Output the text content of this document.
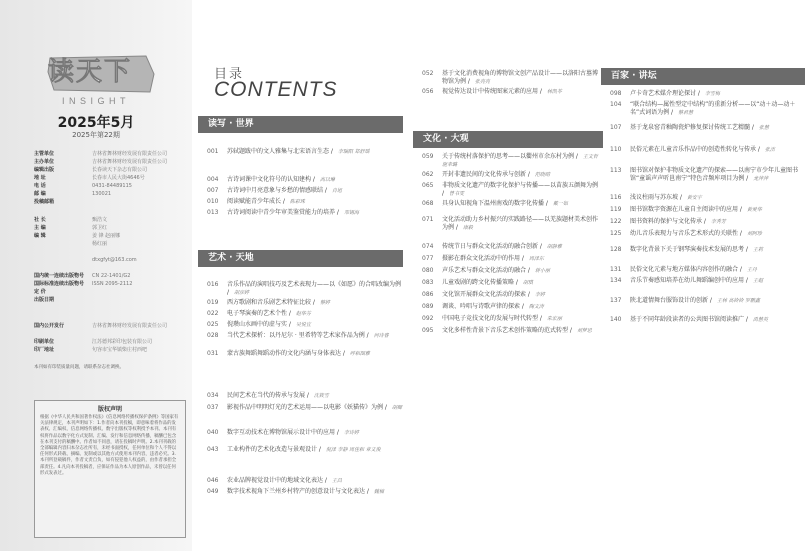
读天下
INSIGHT
2025年5月
2025年第22期
主管单位	吉林省舞林财经发展有限责任公司
主办单位	吉林省舞林财经发展有限责任公司
编辑出版	长春读天下杂志有限公司
地 址	长春市人民大街4646号
电 话	0431-84489115
邮 编	130021
投稿邮箱
社 长	甄浩文
主 编	郭卫红
编 辑	姜 锋 赵丽娜
杨红丽
dtxgfyt@163.com
国内统一连续出版物号 CN 22-1401/G2
国际标准连续出版物号 ISSN 2095-2112
定 价
出版日期
国内公开发行	吉林省舞林财经发展有限责任公司
印刷单位	江苏德邦彩印包装有限公司
印厂地址	句容市宝华镇柴庄村西吧
本刊如有印装质量问题，请联系杂志社调换。
版权声明
根据《中华人民共和国著作权法》《信息网络传播权保护条例》等国家有关法律规定，本刊声明如下：1.作者向本刊投稿，即意味着将作品的发表权、汇编权、信息网络传播权、数字出版权等权利授予本刊。本刊有权将作品以数字化方式复制、汇编、发行和信息网络传播，稿酬已包含在本刊支付的稿酬中。作者如不同意，请在投稿时声明。2.本刊刊载的全部编辑内容归本杂志社所有，未经书面授权，任何单位和个人不得以任何形式转载、摘编、复制或以其他方式使用本刊内容，违者必究。3.本刊所登载稿件，作者文责自负，如有侵犯他人权益的，由作者承担全部责任。4.凡向本刊投稿者，应保证作品为本人原创作品，未曾以任何形式发表过。
目录
CONTENTS
读写 · 世界
艺术 · 天地
文化 · 大观
百家 · 讲坛
001 苏轼题跋中的文人雅集与北宋语言生态 / 李瑞阳 郑舒瑶
004 古诗词课中文化符号的认知建构 / 高以琳
007 古诗词中月亮意象与乡愁的情感联结 / 肖旭
010 阅读赋能青少年成长 / 陈彩珠
013 古诗词阅读中青少年审美鉴赏能力的培养 / 邓锡海
016 音乐作品的演唱技巧及艺术表现力——以《如愿》的合唱改编为例 / 胡彦婷
019 西方歌剧和音乐剧艺术特征比较 / 蔡婷
022 电子琴演奏的艺术个性 / 赵华芬
025 倪瓒山水画中的虚与实 / 吴悦宜
028 当代艺术探析：以丹尼尔 · 里希特等艺术家作品为例 / 何诗睿
031 蒙古族舞蹈舞蹈动作的文化内涵与身体表达 / 呼和图雅
034 民间艺术在当代的传承与发展 / 沈筱雪
037 影视作品中明明灯光的艺术运用——以电影《妖猫传》为例 / 胡卿
040 数字互动技术在博物馆展示设计中的应用 / 李诗婷
043 工业构件的艺术化改造与景观设计 / 倪泽 李静 周佳和 章文俊
046 农业品牌视觉设计中的地域文化表达 / 王昌
049 数字技术视角下兰州乡村特产的创意设计与文化表达 / 魏楠
052 基于文化消费视角的博物馆文创产品设计——以洛阳古墓博物馆为例 / 张亮亮
056 视觉传达设计中传统图案元素的应用 / 林凯苓
059 关于传统村落保护的思考——以衢州市余东村为例 / 王文哲 施幸璐
062 开封非遗民间的文化传承与创新 / 范晓晴
065 非物质文化遗产的数字化保护与传播——以苗族五颜舞为例 / 曾书雯
068 具身认知视角下温州南戏的数字化传播 / 戴一如
071 文化活动助力乡村振兴的实践路径——以羌族题材美术创作为例 / 康毅
074 传统节日与群众文化活动的融合创新 / 胡静雅
077 摄影在群众文化活动中的作用 / 周泽东
080 声乐艺术与群众文化活动的融合 / 蒋小丽
083 儿童戏剧的跨文化传播策略 / 胡琪
086 文化馆开展群众文化活动的探索 / 李婷
089 调谈、吟唱与诗歌声律的探索 / 陶文涛
092 中国电子竞技文化的发展与时代转型 / 朱宏丽
095 文化多样性背景下音乐艺术创作策略的范式转型 / 刘梦思
098 卢卡奇艺术媒介理论探讨 / 李雪梅
104 “联合结构—属性型定中结构”的重新分析——以“动＋动—动＋名”式词语为例 / 蔡君慧
107 基于龙泉窑青釉陶瓷炉修复探讨传统工艺精髓 / 张慧
110 民俗元素在儿童音乐作品中的创造性转化与传承 / 张洁
113 图书馆对保护非物质文化遗产的探索——以南宁市少年儿童图书馆“童谣声声听邕南宁”特色音频库项目为例 / 龙萍萍
116 浅议柱雨与苏东坡 / 黄安宇
119 图书馆数字资源在儿童自主阅读中的应用 / 黄爱华
122 图书资料的保护与文化传承 / 李秀芳
125 幼儿音乐表现力与音乐艺术形式的关联性 / 刘阿珍
128 数字化背景下关于钢琴演奏技术发展的思考 / 王莉
131 民俗文化元素与地方媒体内容创作的融合 / 王丹
134 音乐节奏感知培养在幼儿舞蹈编创中的应用 / 王超
137 陕北道情舞台服饰设计的创新 / 王林 高铃铃 罗鹏鑫
140 基于不同年龄段读者的公共图书馆阅读推广 / 禹慧英
